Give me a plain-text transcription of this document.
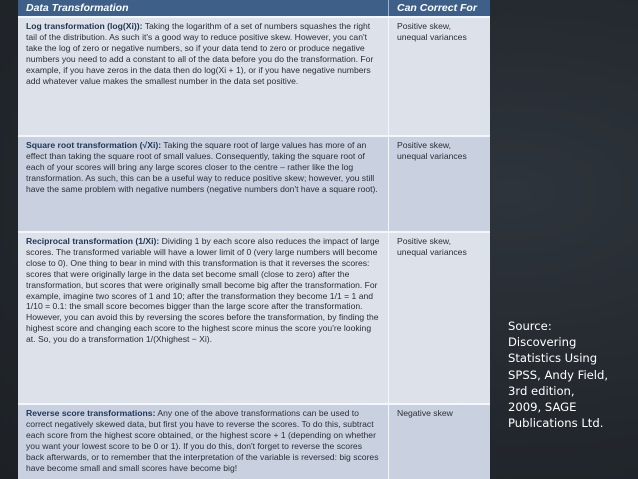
Data Transformation	Can Correct For
Log transformation (log(Xi)): Taking the logarithm of a set of numbers squashes the right tail of the distribution. As such it's a good way to reduce positive skew. However, you can't take the log of zero or negative numbers, so if your data tend to zero or produce negative numbers you need to add a constant to all of the data before you do the transformation. For example, if you have zeros in the data then do log(Xi + 1), or if you have negative numbers add whatever value makes the smallest number in the data set positive.
Positive skew, unequal variances
Square root transformation (√Xi): Taking the square root of large values has more of an effect than taking the square root of small values. Consequently, taking the square root of each of your scores will bring any large scores closer to the centre – rather like the log transformation. As such, this can be a useful way to reduce positive skew; however, you still have the same problem with negative numbers (negative numbers don't have a square root).
Positive skew, unequal variances
Reciprocal transformation (1/Xi): Dividing 1 by each score also reduces the impact of large scores. The transformed variable will have a lower limit of 0 (very large numbers will become close to 0). One thing to bear in mind with this transformation is that it reverses the scores: scores that were originally large in the data set become small (close to zero) after the transformation, but scores that were originally small become big after the transformation. For example, imagine two scores of 1 and 10; after the transformation they become 1/1 = 1 and 1/10 = 0.1: the small score becomes bigger than the large score after the transformation. However, you can avoid this by reversing the scores before the transformation, by finding the highest score and changing each score to the highest score minus the score you're looking at. So, you do a transformation 1/(Xhighest − Xi).
Positive skew, unequal variances
Reverse score transformations: Any one of the above transformations can be used to correct negatively skewed data, but first you have to reverse the scores. To do this, subtract each score from the highest score obtained, or the highest score + 1 (depending on whether you want your lowest score to be 0 or 1). If you do this, don't forget to reverse the scores back afterwards, or to remember that the interpretation of the variable is reversed: big scores have become small and small scores have become big!
Negative skew
Source:
Discovering
Statistics Using
SPSS, Andy Field,
3rd edition,
2009, SAGE
Publications Ltd.
